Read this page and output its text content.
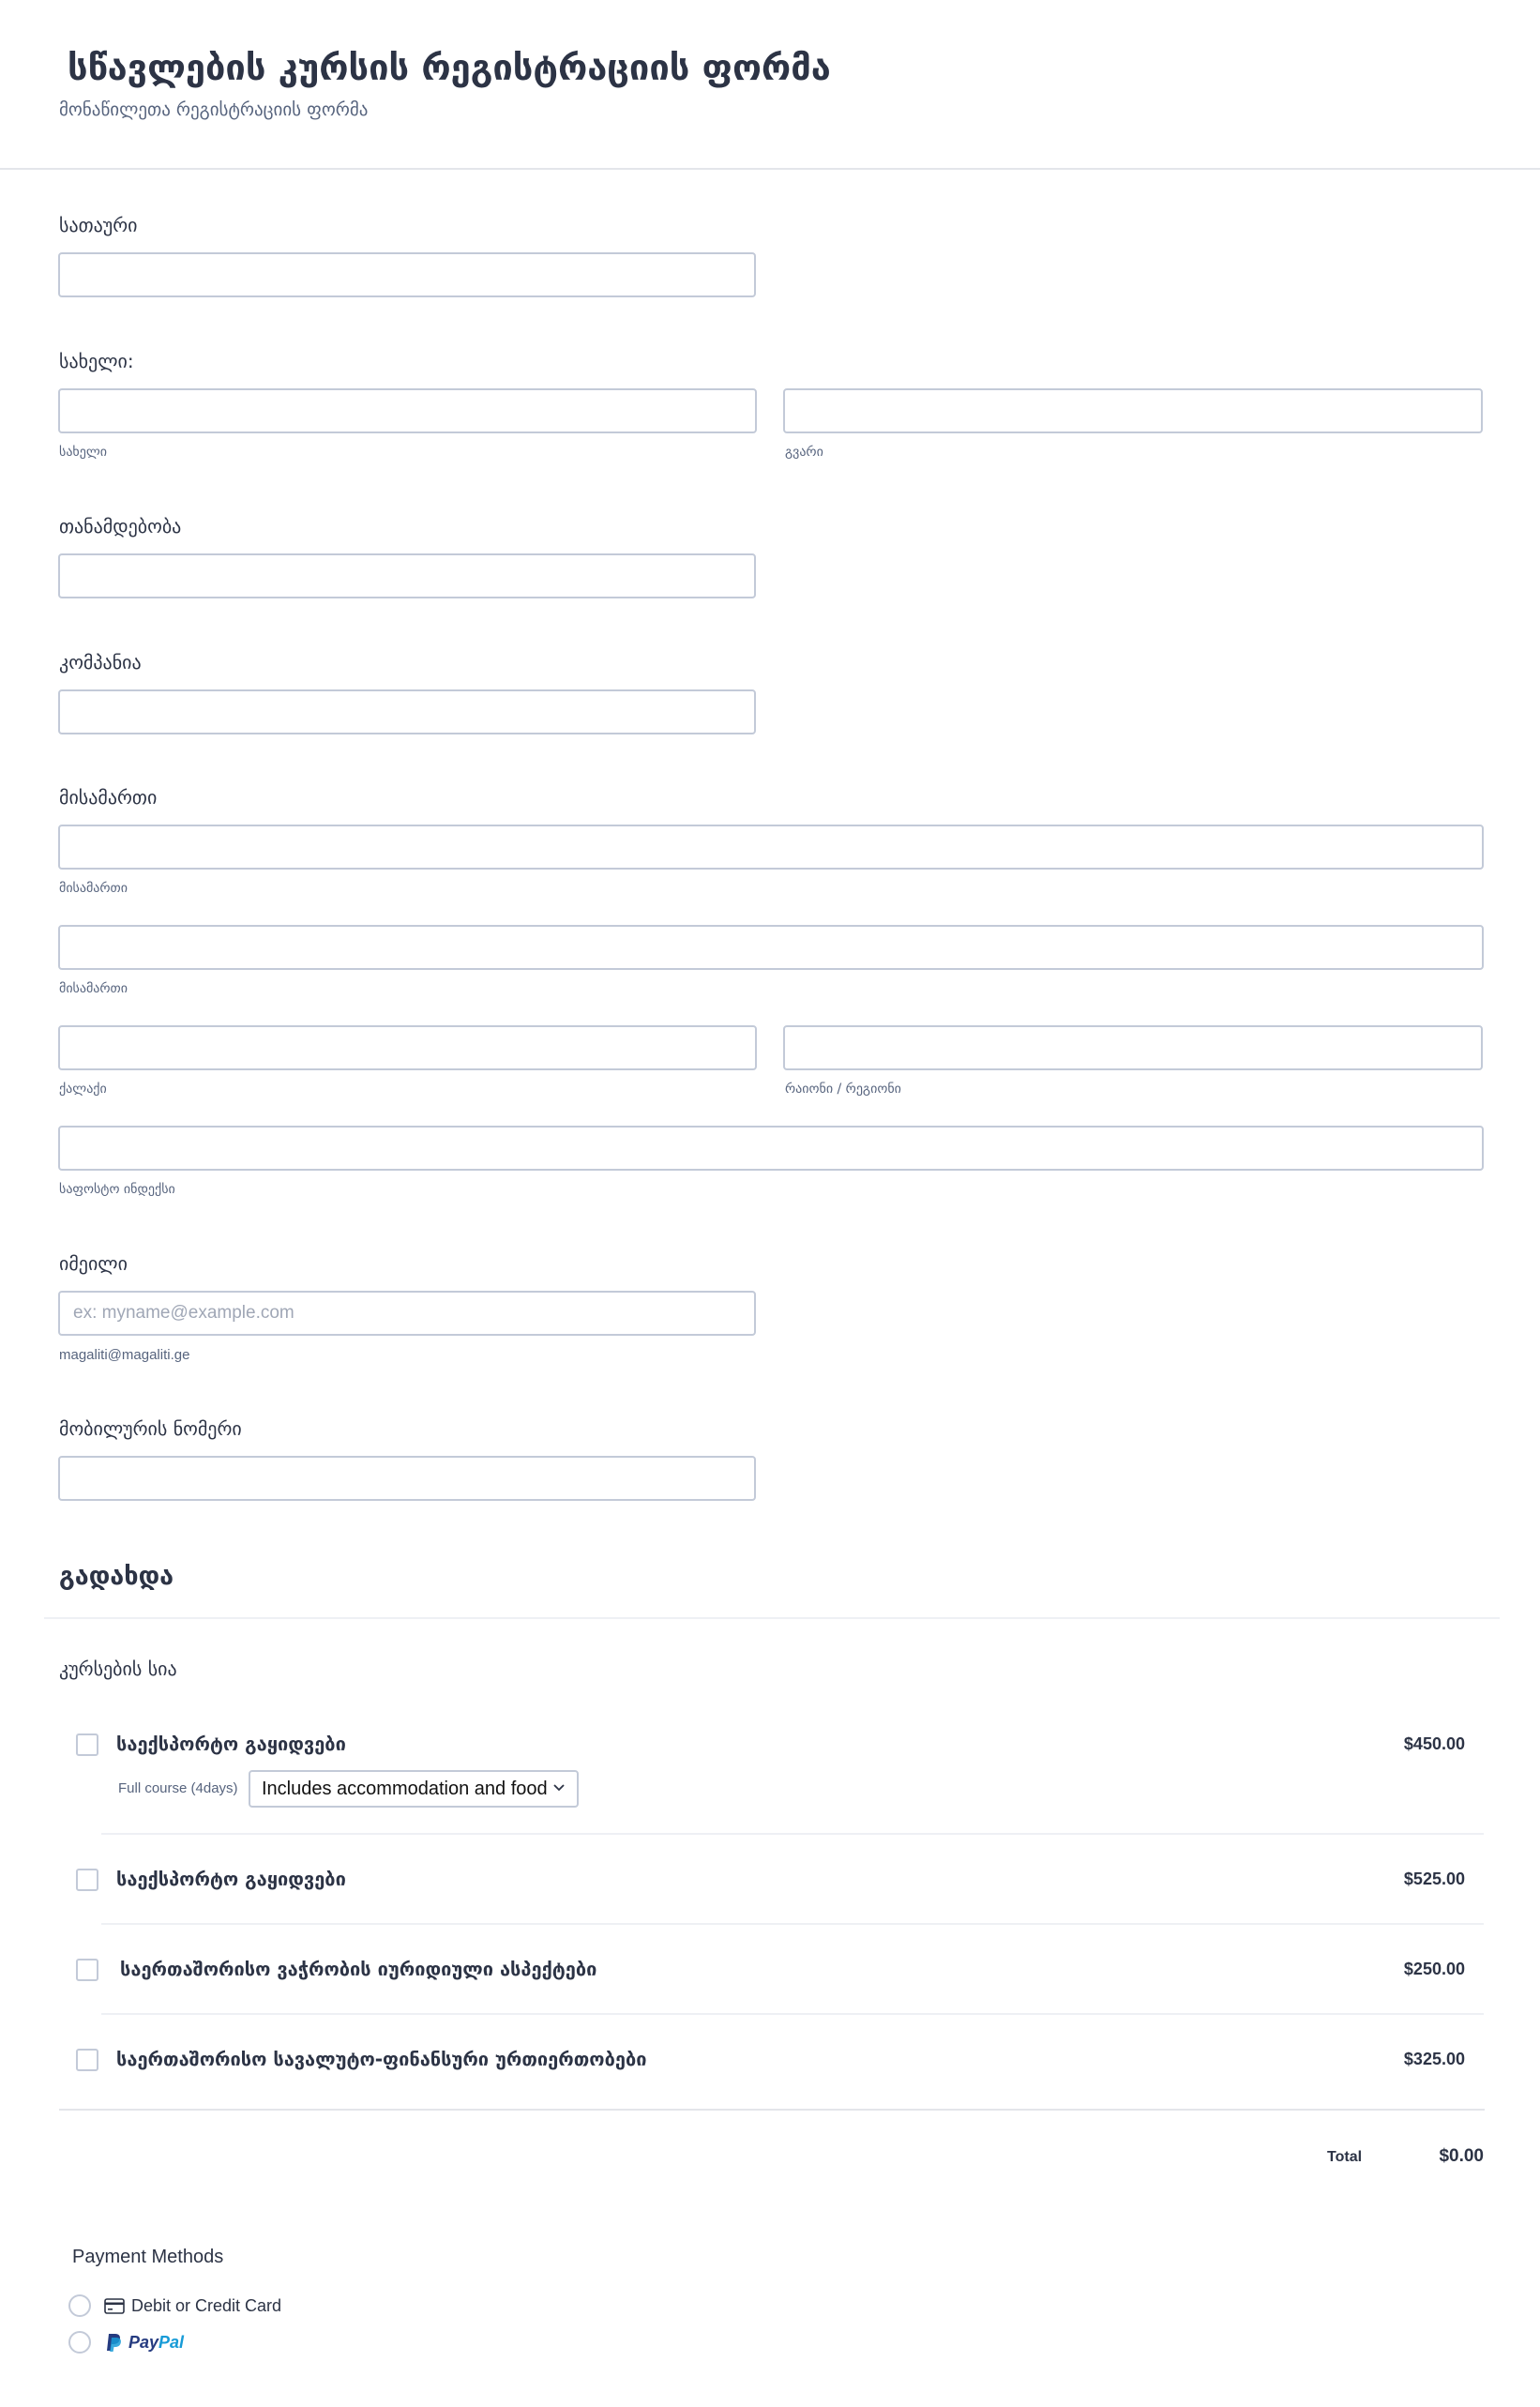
სწავლების კურსის რეგისტრაციის ფორმა
მონაწილეთა რეგისტრაციის ფორმა
სათაური
სახელი:
სახელი	გვარი
თანამდებობა
კომპანია
მისამართი
მისამართი
მისამართი
ქალაქი	რაიონი / რეგიონი
საფოსტო ინდექსი
იმეილი
ex: myname@example.com
magaliti@magaliti.ge
მობილურის ნომერი
გადახდა
კურსების სია
საექსპორტო გაყიდვები	$450.00
Full course (4days) Includes accommodation and food
საექსპორტო გაყიდვები	$525.00
საერთაშორისო ვაჭრობის იურიდიული ასპექტები	$250.00
საერთაშორისო სავალუტო-ფინანსური ურთიერთობები	$325.00
Total	$0.00
Payment Methods
Debit or Credit Card
PayPal
